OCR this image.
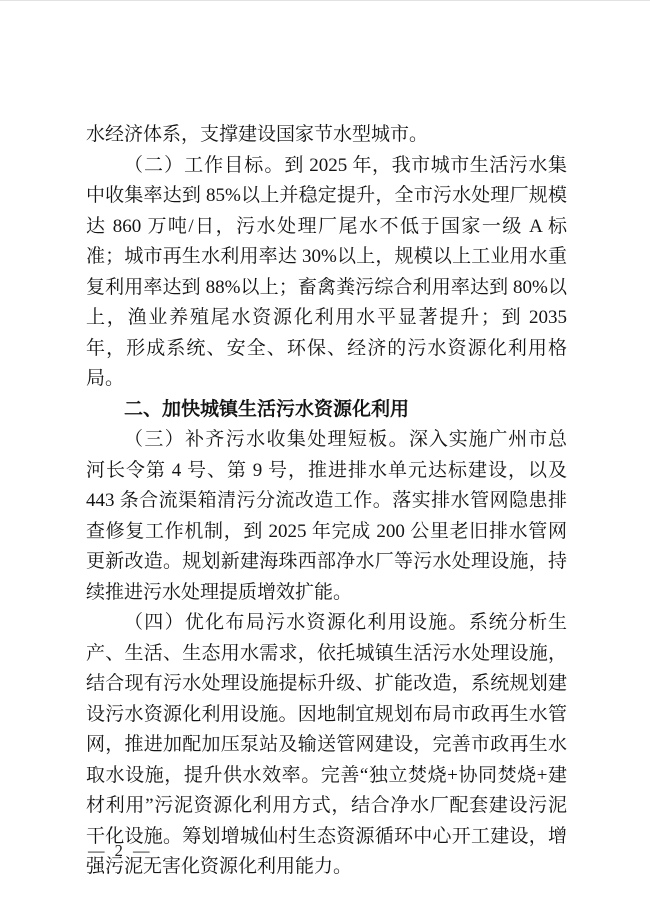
水经济体系，支撑建设国家节水型城市。

（二）工作目标。到 2025 年，我市城市生活污水集中收集率达到 85%以上并稳定提升，全市污水处理厂规模达 860 万吨/日，污水处理厂尾水不低于国家一级 A 标准；城市再生水利用率达 30%以上，规模以上工业用水重复利用率达到 88%以上；畜禽粪污综合利用率达到 80%以上，渔业养殖尾水资源化利用水平显著提升；到 2035 年，形成系统、安全、环保、经济的污水资源化利用格局。

二、加快城镇生活污水资源化利用

（三）补齐污水收集处理短板。深入实施广州市总河长令第 4 号、第 9 号，推进排水单元达标建设，以及 443 条合流渠箱清污分流改造工作。落实排水管网隐患排查修复工作机制，到 2025 年完成 200 公里老旧排水管网更新改造。规划新建海珠西部净水厂等污水处理设施，持续推进污水处理提质增效扩能。

（四）优化布局污水资源化利用设施。系统分析生产、生活、生态用水需求，依托城镇生活污水处理设施，结合现有污水处理设施提标升级、扩能改造，系统规划建设污水资源化利用设施。因地制宜规划布局市政再生水管网，推进加配加压泵站及输送管网建设，完善市政再生水取水设施，提升供水效率。完善“独立焚烧+协同焚烧+建材利用”污泥资源化利用方式，结合净水厂配套建设污泥干化设施。筹划增城仙村生态资源循环中心开工建设，增强污泥无害化资源化利用能力。

— 2 —
